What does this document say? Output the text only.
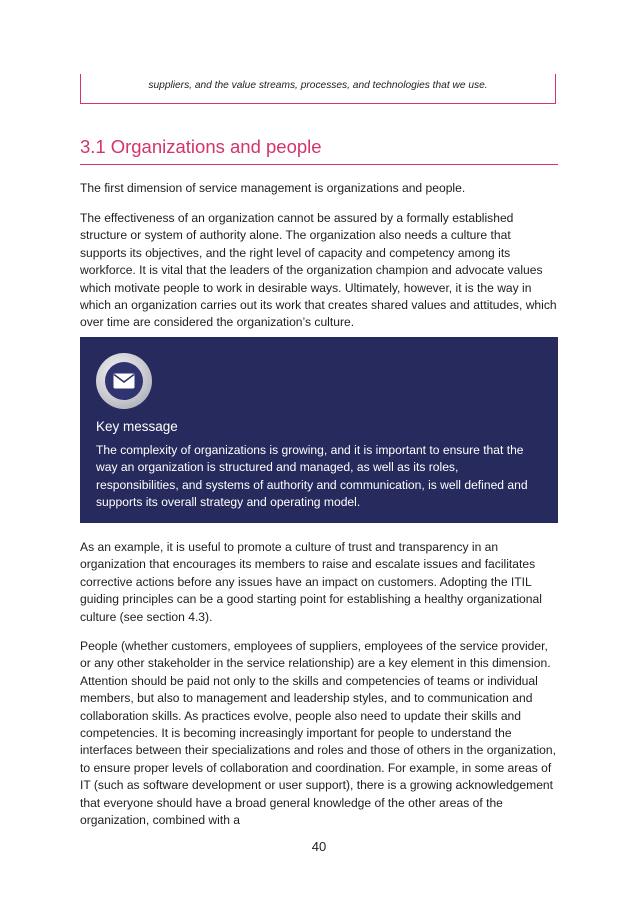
suppliers, and the value streams, processes, and technologies that we use.
3.1 Organizations and people

The first dimension of service management is organizations and people.

The effectiveness of an organization cannot be assured by a formally established structure or system of authority alone. The organization also needs a culture that supports its objectives, and the right level of capacity and competency among its workforce. It is vital that the leaders of the organization champion and advocate values which motivate people to work in desirable ways. Ultimately, however, it is the way in which an organization carries out its work that creates shared values and attitudes, which over time are considered the organization’s culture.

Key message

The complexity of organizations is growing, and it is important to ensure that the way an organization is structured and managed, as well as its roles, responsibilities, and systems of authority and communication, is well defined and supports its overall strategy and operating model.

As an example, it is useful to promote a culture of trust and transparency in an organization that encourages its members to raise and escalate issues and facilitates corrective actions before any issues have an impact on customers. Adopting the ITIL guiding principles can be a good starting point for establishing a healthy organizational culture (see section 4.3).

People (whether customers, employees of suppliers, employees of the service provider, or any other stakeholder in the service relationship) are a key element in this dimension. Attention should be paid not only to the skills and competencies of teams or individual members, but also to management and leadership styles, and to communication and collaboration skills. As practices evolve, people also need to update their skills and competencies. It is becoming increasingly important for people to understand the interfaces between their specializations and roles and those of others in the organization, to ensure proper levels of collaboration and coordination. For example, in some areas of IT (such as software development or user support), there is a growing acknowledgement that everyone should have a broad general knowledge of the other areas of the organization, combined with a

40
